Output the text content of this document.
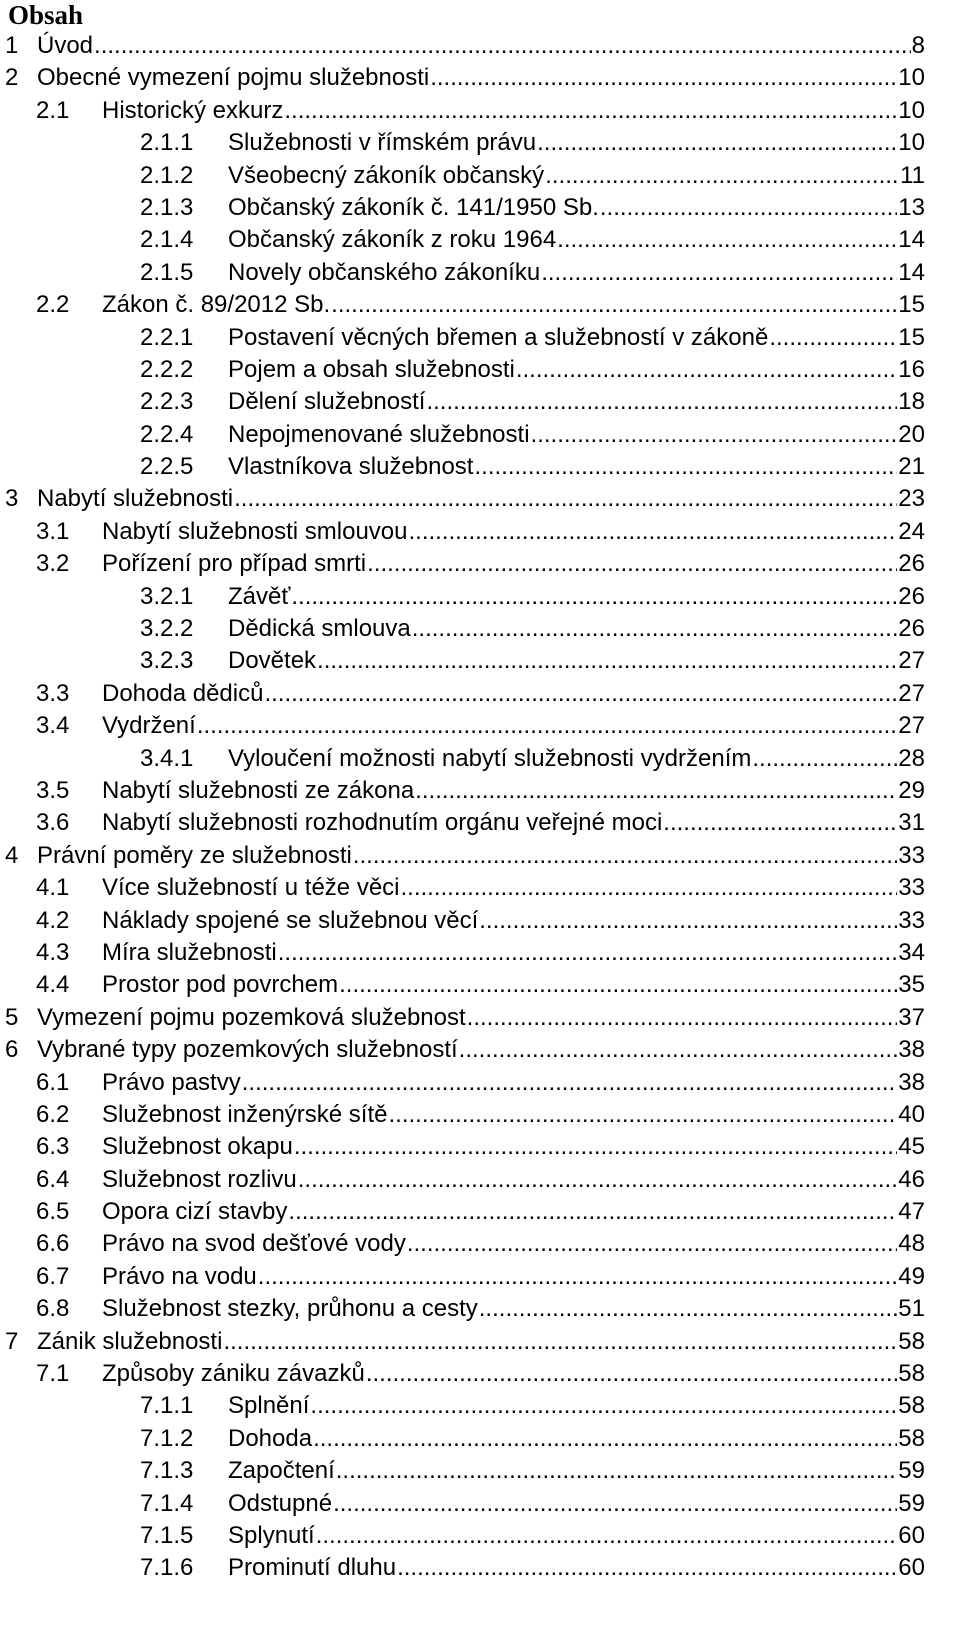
Obsah
1 Úvod .....	8
2 Obecné vymezení pojmu služebnosti .....	10
2.1	Historický exkurz .....	10
2.1.1	Služebnosti v římském právu .....	10
2.1.2	Všeobecný zákoník občanský .....	11
2.1.3	Občanský zákoník č. 141/1950 Sb. .....	13
2.1.4	Občanský zákoník z roku 1964 .....	14
2.1.5	Novely občanského zákoníku .....	14
2.2	Zákon č. 89/2012 Sb. .....	15
2.2.1	Postavení věcných břemen a služebností v zákoně .....	15
2.2.2	Pojem a obsah služebnosti .....	16
2.2.3	Dělení služebností .....	18
2.2.4	Nepojmenované služebnosti .....	20
2.2.5	Vlastníkova služebnost .....	21
3 Nabytí služebnosti .....	23
3.1	Nabytí služebnosti smlouvou .....	24
3.2	Pořízení pro případ smrti .....	26
3.2.1	Závěť .....	26
3.2.2	Dědická smlouva .....	26
3.2.3	Dovětek .....	27
3.3	Dohoda dědiců .....	27
3.4	Vydržení .....	27
3.4.1	Vyloučení možnosti nabytí služebnosti vydržením .....	28
3.5	Nabytí služebnosti ze zákona .....	29
3.6	Nabytí služebnosti rozhodnutím orgánu veřejné moci .....	31
4 Právní poměry ze služebnosti .....	33
4.1	Více služebností u téže věci .....	33
4.2	Náklady spojené se služebnou věcí .....	33
4.3	Míra služebnosti .....	34
4.4	Prostor pod povrchem .....	35
5 Vymezení pojmu pozemková služebnost .....	37
6 Vybrané typy pozemkových služebností .....	38
6.1	Právo pastvy .....	38
6.2	Služebnost inženýrské sítě .....	40
6.3	Služebnost okapu .....	45
6.4	Služebnost rozlivu .....	46
6.5	Opora cizí stavby .....	47
6.6	Právo na svod dešťové vody .....	48
6.7	Právo na vodu .....	49
6.8	Služebnost stezky, průhonu a cesty .....	51
7 Zánik služebnosti .....	58
7.1	Způsoby zániku závazků .....	58
7.1.1	Splnění .....	58
7.1.2	Dohoda .....	58
7.1.3	Započtení .....	59
7.1.4	Odstupné .....	59
7.1.5	Splynutí .....	60
7.1.6	Prominutí dluhu .....	60
